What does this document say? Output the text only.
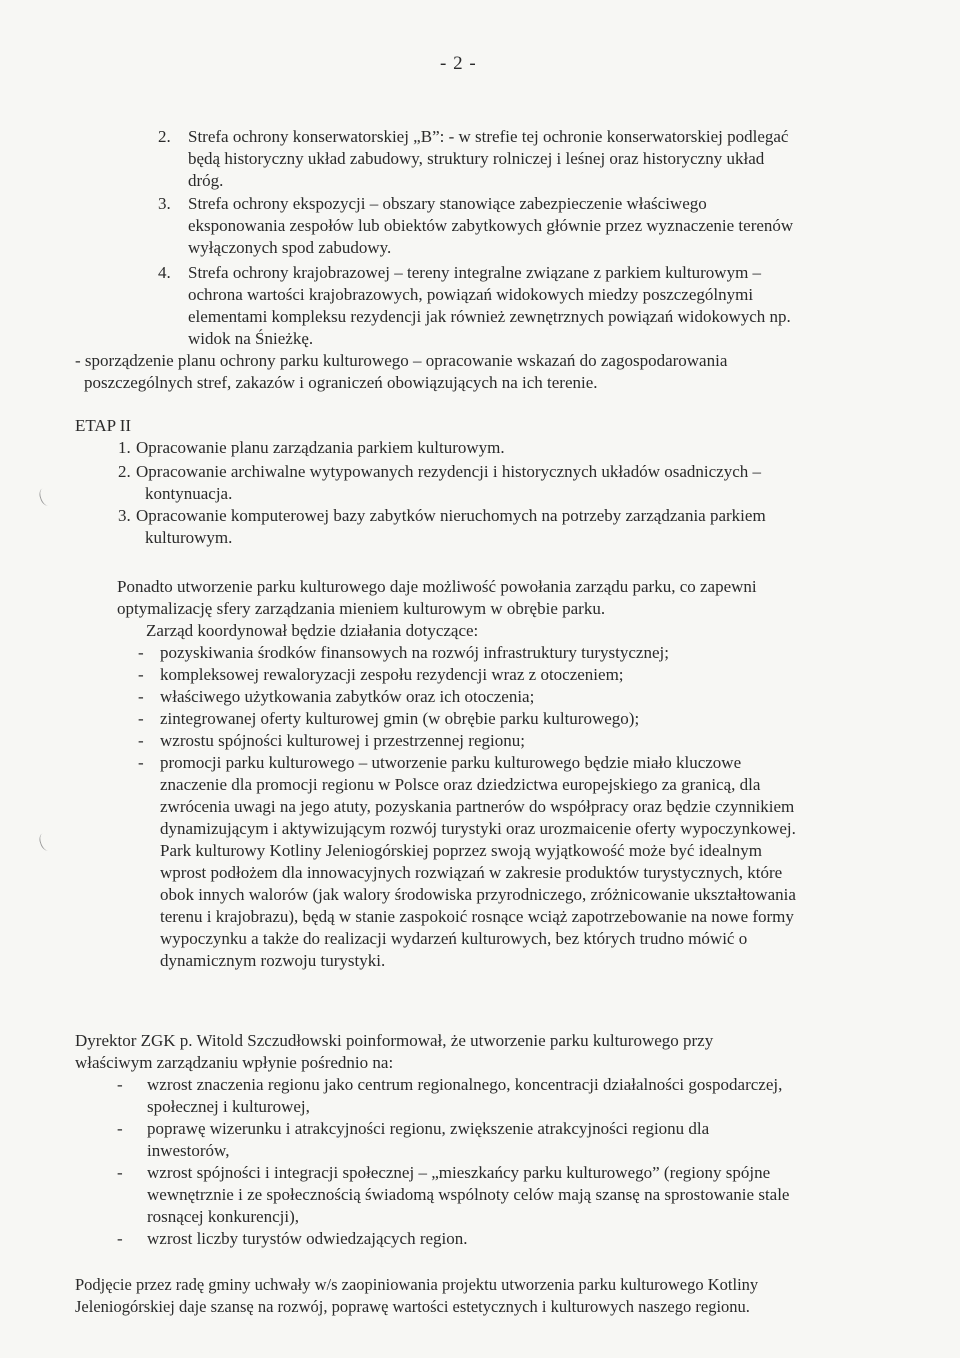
- 2 -
2. Strefa ochrony konserwatorskiej „B”: - w strefie tej ochronie konserwatorskiej podlegać
będą historyczny układ zabudowy, struktury rolniczej i leśnej oraz historyczny układ
dróg.
3. Strefa ochrony ekspozycji – obszary stanowiące zabezpieczenie właściwego
eksponowania zespołów lub obiektów zabytkowych głównie przez wyznaczenie terenów
wyłączonych spod zabudowy.
4. Strefa ochrony krajobrazowej – tereny integralne związane z parkiem kulturowym –
ochrona wartości krajobrazowych, powiązań widokowych miedzy poszczególnymi
elementami kompleksu rezydencji jak również zewnętrznych powiązań widokowych np.
widok na Śnieżkę.
- sporządzenie planu ochrony parku kulturowego – opracowanie wskazań do zagospodarowania
poszczególnych stref, zakazów i ograniczeń obowiązujących na ich terenie.
ETAP II
1. Opracowanie planu zarządzania parkiem kulturowym.
2. Opracowanie archiwalne wytypowanych rezydencji i historycznych układów osadniczych –
kontynuacja.
3. Opracowanie komputerowej bazy zabytków nieruchomych na potrzeby zarządzania parkiem
kulturowym.
Ponadto utworzenie parku kulturowego daje możliwość powołania zarządu parku, co zapewni
optymalizację sfery zarządzania mieniem kulturowym w obrębie parku.
Zarząd koordynował będzie działania dotyczące:
- pozyskiwania środków finansowych na rozwój infrastruktury turystycznej;
- kompleksowej rewaloryzacji zespołu rezydencji wraz z otoczeniem;
- właściwego użytkowania zabytków oraz ich otoczenia;
- zintegrowanej oferty kulturowej gmin (w obrębie parku kulturowego);
- wzrostu spójności kulturowej i przestrzennej regionu;
- promocji parku kulturowego – utworzenie parku kulturowego będzie miało kluczowe
znaczenie dla promocji regionu w Polsce oraz dziedzictwa europejskiego za granicą, dla
zwrócenia uwagi na jego atuty, pozyskania partnerów do współpracy oraz będzie czynnikiem
dynamizującym i aktywizującym rozwój turystyki oraz urozmaicenie oferty wypoczynkowej.
Park kulturowy Kotliny Jeleniogórskiej poprzez swoją wyjątkowość może być idealnym
wprost podłożem dla innowacyjnych rozwiązań w zakresie produktów turystycznych, które
obok innych walorów (jak walory środowiska przyrodniczego, zróżnicowanie ukształtowania
terenu i krajobrazu), będą w stanie zaspokoić rosnące wciąż zapotrzebowanie na nowe formy
wypoczynku a także do realizacji wydarzeń kulturowych, bez których trudno mówić o
dynamicznym rozwoju turystyki.
Dyrektor ZGK p. Witold Szczudłowski poinformował, że utworzenie parku kulturowego przy
właściwym zarządzaniu wpłynie pośrednio na:
- wzrost znaczenia regionu jako centrum regionalnego, koncentracji działalności gospodarczej,
społecznej i kulturowej,
- poprawę wizerunku i atrakcyjności regionu, zwiększenie atrakcyjności regionu dla
inwestorów,
- wzrost spójności i integracji społecznej – „mieszkańcy parku kulturowego” (regiony spójne
wewnętrznie i ze społecznością świadomą wspólnoty celów mają szansę na sprostowanie stale
rosnącej konkurencji),
- wzrost liczby turystów odwiedzających region.
Podjęcie przez radę gminy uchwały w/s zaopiniowania projektu utworzenia parku kulturowego Kotliny
Jeleniogórskiej daje szansę na rozwój, poprawę wartości estetycznych i kulturowych naszego regionu.
